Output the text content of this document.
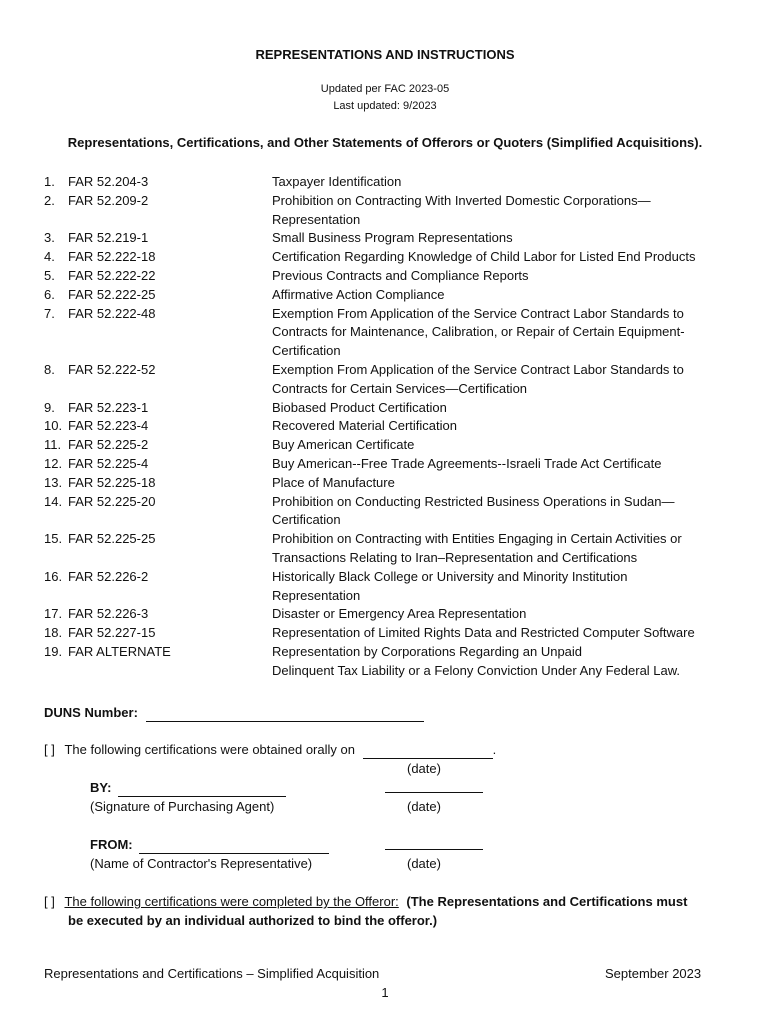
REPRESENTATIONS AND INSTRUCTIONS
Updated per FAC 2023-05
Last updated: 9/2023
Representations, Certifications, and Other Statements of Offerors or Quoters (Simplified Acquisitions).
1.	FAR 52.204-3	Taxpayer Identification
2.	FAR 52.209-2	Prohibition on Contracting With Inverted Domestic Corporations—
Representation
3.	FAR 52.219-1	Small Business Program Representations
4.	FAR 52.222-18	Certification Regarding Knowledge of Child Labor for Listed End Products
5.	FAR 52.222-22	Previous Contracts and Compliance Reports
6.	FAR 52.222-25	Affirmative Action Compliance
7.	FAR 52.222-48	Exemption From Application of the Service Contract Labor Standards to
Contracts for Maintenance, Calibration, or Repair of Certain Equipment-
Certification
8.	FAR 52.222-52	Exemption From Application of the Service Contract Labor Standards to
Contracts for Certain Services—Certification
9.	FAR 52.223-1	Biobased Product Certification
10. FAR 52.223-4	Recovered Material Certification
11. FAR 52.225-2	Buy American Certificate
12. FAR 52.225-4	Buy American--Free Trade Agreements--Israeli Trade Act Certificate
13. FAR 52.225-18	Place of Manufacture
14. FAR 52.225-20	Prohibition on Conducting Restricted Business Operations in Sudan—
Certification
15. FAR 52.225-25	Prohibition on Contracting with Entities Engaging in Certain Activities or
Transactions Relating to Iran–Representation and Certifications
16. FAR 52.226-2	Historically Black College or University and Minority Institution
Representation
17. FAR 52.226-3	Disaster or Emergency Area Representation
18. FAR 52.227-15	Representation of Limited Rights Data and Restricted Computer Software
19. FAR ALTERNATE	Representation by Corporations Regarding an Unpaid
Delinquent Tax Liability or a Felony Conviction Under Any Federal Law.
DUNS Number:
[ ] The following certifications were obtained orally on	.
(date)
BY:
(Signature of Purchasing Agent)	(date)
FROM:
(Name of Contractor's Representative)	(date)
[ ] The following certifications were completed by the Offeror: (The Representations and Certifications must
be executed by an individual authorized to bind the offeror.)
Representations and Certifications – Simplified Acquisition	September 2023
1
